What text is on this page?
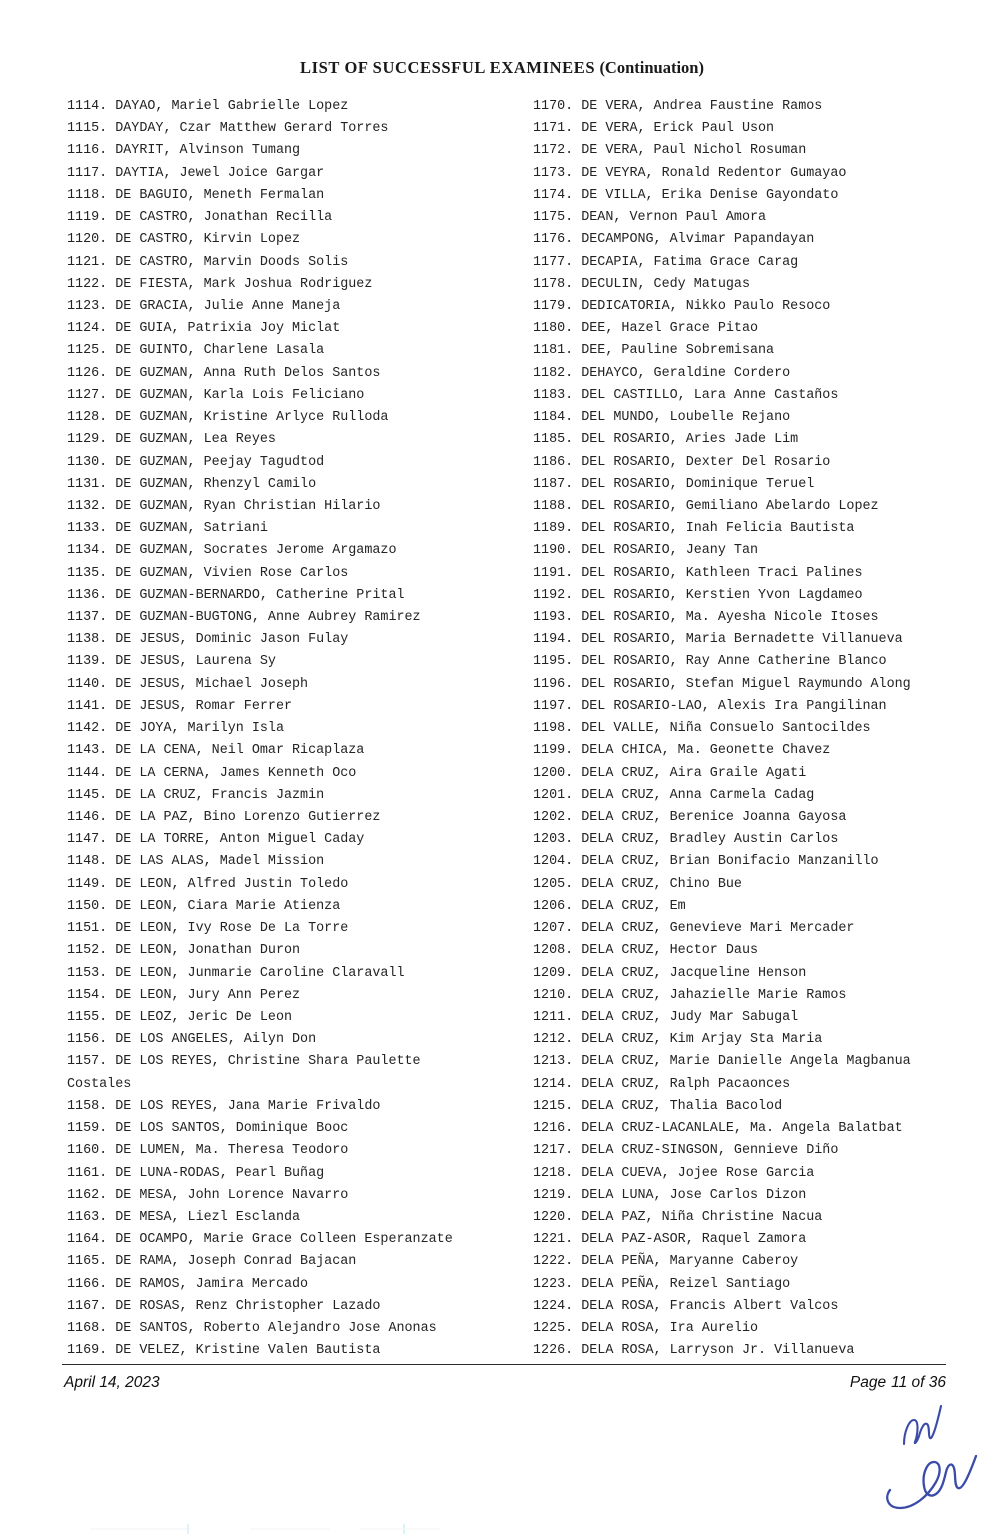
LIST OF SUCCESSFUL EXAMINEES (Continuation)
1114. DAYAO, Mariel Gabrielle Lopez
1115. DAYDAY, Czar Matthew Gerard Torres
1116. DAYRIT, Alvinson Tumang
1117. DAYTIA, Jewel Joice Gargar
1118. DE BAGUIO, Meneth Fermalan
1119. DE CASTRO, Jonathan Recilla
1120. DE CASTRO, Kirvin Lopez
1121. DE CASTRO, Marvin Doods Solis
1122. DE FIESTA, Mark Joshua Rodriguez
1123. DE GRACIA, Julie Anne Maneja
1124. DE GUIA, Patrixia Joy Miclat
1125. DE GUINTO, Charlene Lasala
1126. DE GUZMAN, Anna Ruth Delos Santos
1127. DE GUZMAN, Karla Lois Feliciano
1128. DE GUZMAN, Kristine Arlyce Rulloda
1129. DE GUZMAN, Lea Reyes
1130. DE GUZMAN, Peejay Tagudtod
1131. DE GUZMAN, Rhenzyl Camilo
1132. DE GUZMAN, Ryan Christian Hilario
1133. DE GUZMAN, Satriani
1134. DE GUZMAN, Socrates Jerome Argamazo
1135. DE GUZMAN, Vivien Rose Carlos
1136. DE GUZMAN-BERNARDO, Catherine Prital
1137. DE GUZMAN-BUGTONG, Anne Aubrey Ramirez
1138. DE JESUS, Dominic Jason Fulay
1139. DE JESUS, Laurena Sy
1140. DE JESUS, Michael Joseph
1141. DE JESUS, Romar Ferrer
1142. DE JOYA, Marilyn Isla
1143. DE LA CENA, Neil Omar Ricaplaza
1144. DE LA CERNA, James Kenneth Oco
1145. DE LA CRUZ, Francis Jazmin
1146. DE LA PAZ, Bino Lorenzo Gutierrez
1147. DE LA TORRE, Anton Miguel Caday
1148. DE LAS ALAS, Madel Mission
1149. DE LEON, Alfred Justin Toledo
1150. DE LEON, Ciara Marie Atienza
1151. DE LEON, Ivy Rose De La Torre
1152. DE LEON, Jonathan Duron
1153. DE LEON, Junmarie Caroline Claravall
1154. DE LEON, Jury Ann Perez
1155. DE LEOZ, Jeric De Leon
1156. DE LOS ANGELES, Ailyn Don
1157. DE LOS REYES, Christine Shara Paulette
Costales
1158. DE LOS REYES, Jana Marie Frivaldo
1159. DE LOS SANTOS, Dominique Booc
1160. DE LUMEN, Ma. Theresa Teodoro
1161. DE LUNA-RODAS, Pearl Buñag
1162. DE MESA, John Lorence Navarro
1163. DE MESA, Liezl Esclanda
1164. DE OCAMPO, Marie Grace Colleen Esperanzate
1165. DE RAMA, Joseph Conrad Bajacan
1166. DE RAMOS, Jamira Mercado
1167. DE ROSAS, Renz Christopher Lazado
1168. DE SANTOS, Roberto Alejandro Jose Anonas
1169. DE VELEZ, Kristine Valen Bautista
1170. DE VERA, Andrea Faustine Ramos
1171. DE VERA, Erick Paul Uson
1172. DE VERA, Paul Nichol Rosuman
1173. DE VEYRA, Ronald Redentor Gumayao
1174. DE VILLA, Erika Denise Gayondato
1175. DEAN, Vernon Paul Amora
1176. DECAMPONG, Alvimar Papandayan
1177. DECAPIA, Fatima Grace Carag
1178. DECULIN, Cedy Matugas
1179. DEDICATORIA, Nikko Paulo Resoco
1180. DEE, Hazel Grace Pitao
1181. DEE, Pauline Sobremisana
1182. DEHAYCO, Geraldine Cordero
1183. DEL CASTILLO, Lara Anne Castaños
1184. DEL MUNDO, Loubelle Rejano
1185. DEL ROSARIO, Aries Jade Lim
1186. DEL ROSARIO, Dexter Del Rosario
1187. DEL ROSARIO, Dominique Teruel
1188. DEL ROSARIO, Gemiliano Abelardo Lopez
1189. DEL ROSARIO, Inah Felicia Bautista
1190. DEL ROSARIO, Jeany Tan
1191. DEL ROSARIO, Kathleen Traci Palines
1192. DEL ROSARIO, Kerstien Yvon Lagdameo
1193. DEL ROSARIO, Ma. Ayesha Nicole Itoses
1194. DEL ROSARIO, Maria Bernadette Villanueva
1195. DEL ROSARIO, Ray Anne Catherine Blanco
1196. DEL ROSARIO, Stefan Miguel Raymundo Along
1197. DEL ROSARIO-LAO, Alexis Ira Pangilinan
1198. DEL VALLE, Niña Consuelo Santocildes
1199. DELA CHICA, Ma. Geonette Chavez
1200. DELA CRUZ, Aira Graile Agati
1201. DELA CRUZ, Anna Carmela Cadag
1202. DELA CRUZ, Berenice Joanna Gayosa
1203. DELA CRUZ, Bradley Austin Carlos
1204. DELA CRUZ, Brian Bonifacio Manzanillo
1205. DELA CRUZ, Chino Bue
1206. DELA CRUZ, Em
1207. DELA CRUZ, Genevieve Mari Mercader
1208. DELA CRUZ, Hector Daus
1209. DELA CRUZ, Jacqueline Henson
1210. DELA CRUZ, Jahazielle Marie Ramos
1211. DELA CRUZ, Judy Mar Sabugal
1212. DELA CRUZ, Kim Arjay Sta Maria
1213. DELA CRUZ, Marie Danielle Angela Magbanua
1214. DELA CRUZ, Ralph Pacaonces
1215. DELA CRUZ, Thalia Bacolod
1216. DELA CRUZ-LACANLALE, Ma. Angela Balatbat
1217. DELA CRUZ-SINGSON, Gennieve Diño
1218. DELA CUEVA, Jojee Rose Garcia
1219. DELA LUNA, Jose Carlos Dizon
1220. DELA PAZ, Niña Christine Nacua
1221. DELA PAZ-ASOR, Raquel Zamora
1222. DELA PEÑA, Maryanne Caberoy
1223. DELA PEÑA, Reizel Santiago
1224. DELA ROSA, Francis Albert Valcos
1225. DELA ROSA, Ira Aurelio
1226. DELA ROSA, Larryson Jr. Villanueva
April 14, 2023	Page 11 of 36
